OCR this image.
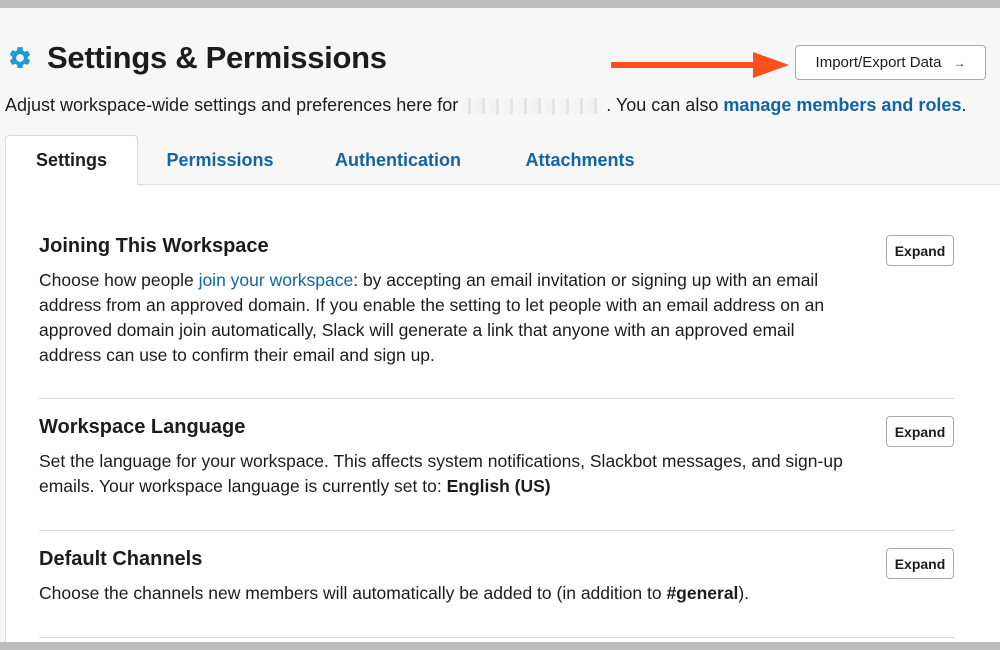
Settings & Permissions	Import/Export Data →
Adjust workspace-wide settings and preferences here for	. You can also
manage members and roles .
Settings	Permissions	Authentication	Attachments
Joining This Workspace

Choose how people join your workspace: by accepting an email invitation or signing up with an email address from an approved domain. If you enable the setting to let people with an email address on an approved domain join automatically, Slack will generate a link that anyone with an approved email address can use to confirm their email and sign up.

Expand
Workspace Language

Set the language for your workspace. This affects system notifications, Slackbot messages, and sign-up emails. Your workspace language is currently set to: English (US)

Expand
Default Channels

Choose the channels new members will automatically be added to (in addition to #general).

Expand
